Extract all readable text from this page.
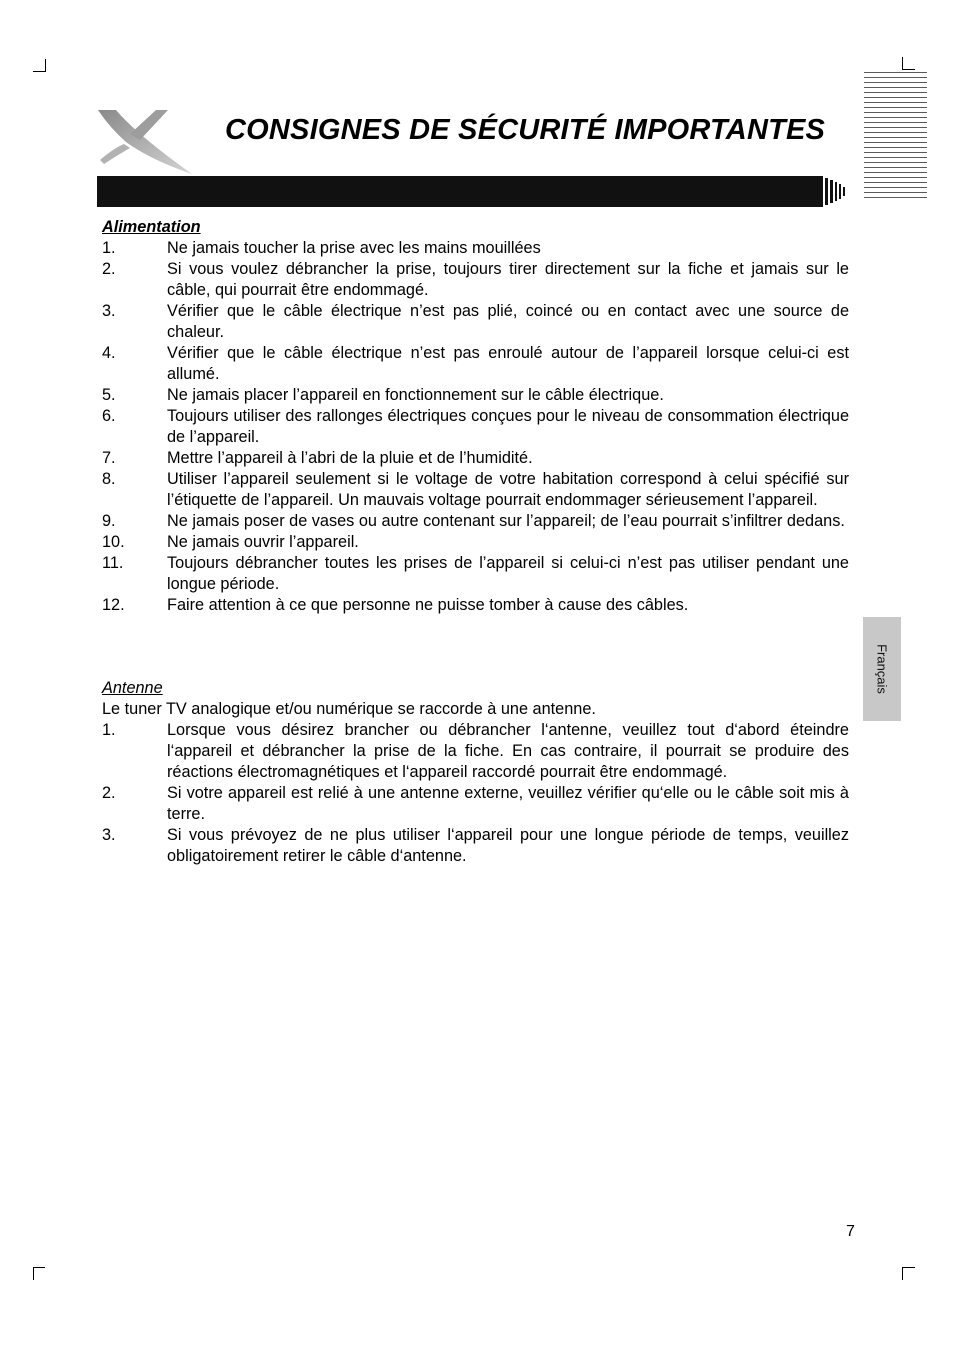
CONSIGNES DE SÉCURITÉ IMPORTANTES

Alimentation

1.	Ne jamais toucher la prise avec les mains mouillées
2.	Si vous voulez débrancher la prise, toujours tirer directement sur la fiche et jamais sur le câble, qui pourrait être endommagé.
3.	Vérifier que le câble électrique n’est pas plié, coincé ou en contact avec une source de chaleur.
4.	Vérifier que le câble électrique n’est pas enroulé autour de l’appareil lorsque celui-ci est allumé.
5.	Ne jamais placer l’appareil en fonctionnement sur le câble électrique.
6.	Toujours utiliser des rallonges électriques conçues pour le niveau de consommation électrique de l’appareil.
7.	Mettre l’appareil à l’abri de la pluie et de l’humidité.
8.	Utiliser l’appareil seulement si le voltage de votre habitation correspond à celui spécifié sur l’étiquette de l’appareil. Un mauvais voltage pourrait endommager sérieusement l’appareil.
9.	Ne jamais poser de vases ou autre contenant sur l’appareil; de l’eau pourrait s’infiltrer dedans.
10.	Ne jamais ouvrir l’appareil.
11.	Toujours débrancher toutes les prises de l’appareil si celui-ci n’est pas utiliser pendant une longue période.
12.	Faire attention à ce que personne ne puisse tomber à cause des câbles.

Antenne

Le tuner TV analogique et/ou numérique se raccorde à une antenne.

1.	Lorsque vous désirez brancher ou débrancher l‘antenne, veuillez tout d‘abord éteindre l‘appareil et débrancher la prise de la fiche. En cas contraire, il pourrait se produire des réactions électromagnétiques et l‘appareil raccordé pourrait être endommagé.
2.	Si votre appareil est relié à une antenne externe, veuillez vérifier qu‘elle ou le câble soit mis à terre.
3.	Si vous prévoyez de ne plus utiliser l‘appareil pour une longue période de temps, veuillez obligatoirement retirer le câble d‘antenne.
Français
7
